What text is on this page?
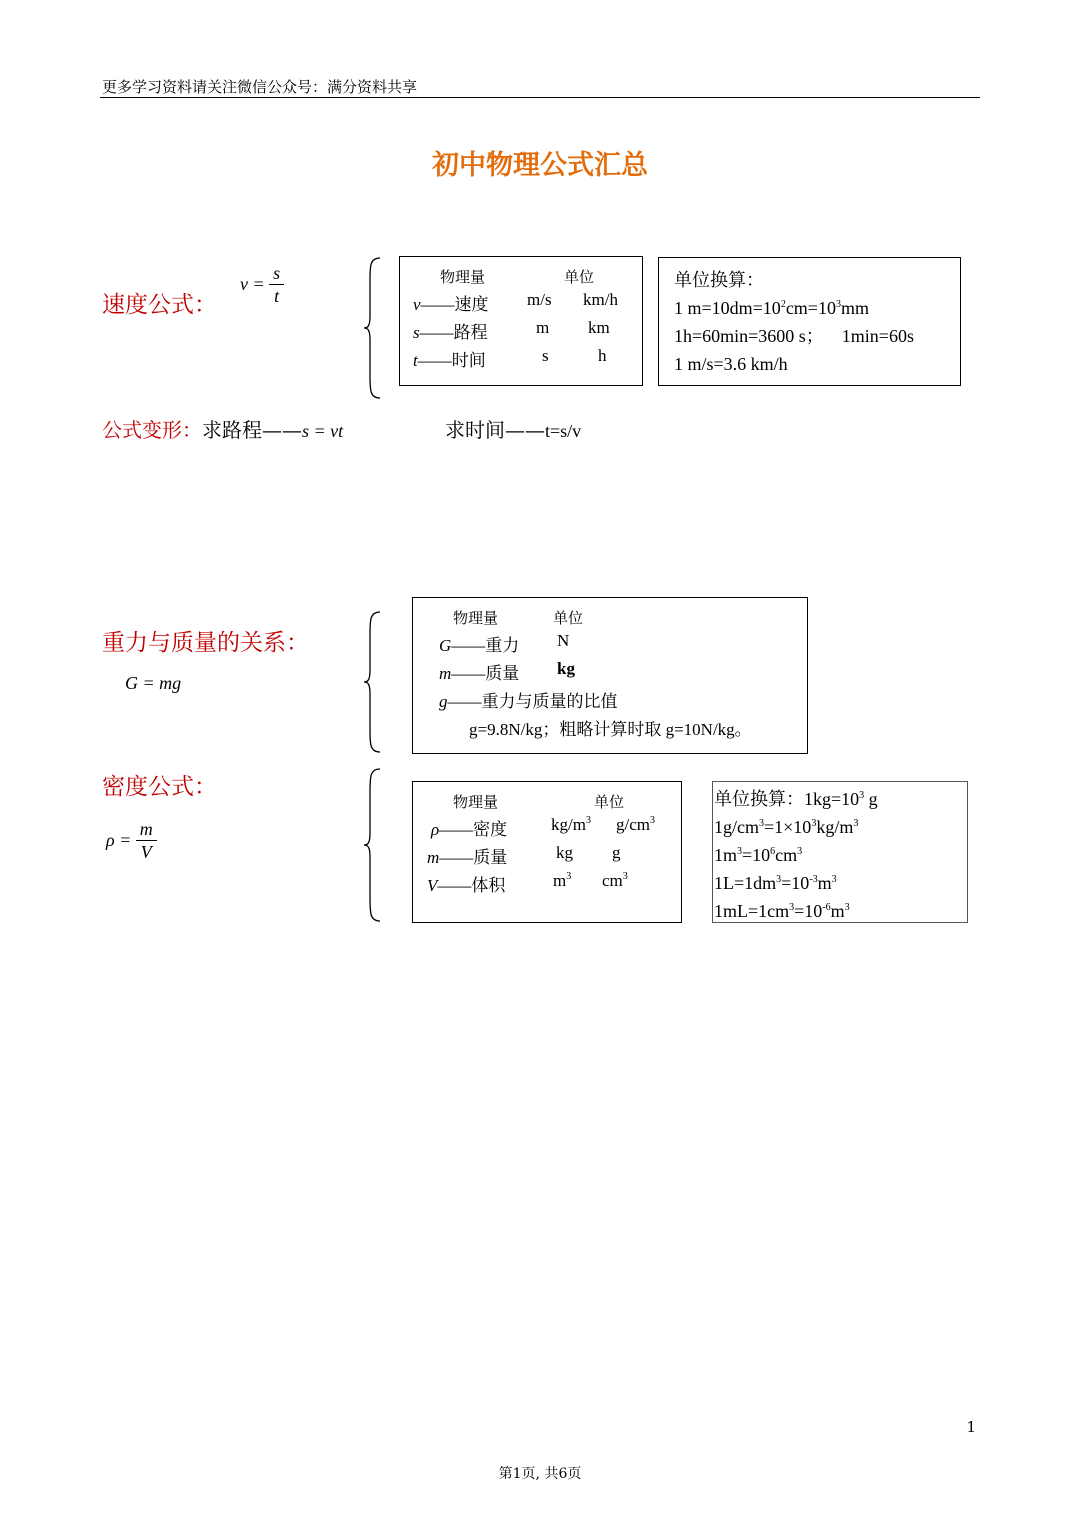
更多学习资料请关注微信公众号：满分资料共享
初中物理公式汇总
速度公式：
$v = \frac{s}{t}$	物理量	单位
v——速度 m/s km/h
s——路程	m km
t——时间	s	h
单位换算：
1 $m=10dm=10^2cm=10^3mm$
1h=60min=3600 s；    1min=60s
1 m/s=3.6 km/h
公式变形：求路程——s = vt	求时间——t=s/v
重力与质量的关系：
G = mg
物理量	单位
G——重力 N
m——质量 kg
g——重力与质量的比值
g=9.8N/kg；粗略计算时取 g=10N/kg。
密度公式：
$\rho = \frac{m}{V}$
物理量	单位
ρ——密度	$kg/m^3$ $g/cm^3$
m——质量	kg g
V——体积	$m^3$ $cm^3$
单位换算：$1kg=10^3$ g
$1g/cm^3=1\times 10^3kg/m^3$
$1m^3=10^6cm^3$
$1L=1dm^3=10^{-3}m^3$
$1mL=1cm^3=10^{-6}m^3$
1
第1页, 共6页
